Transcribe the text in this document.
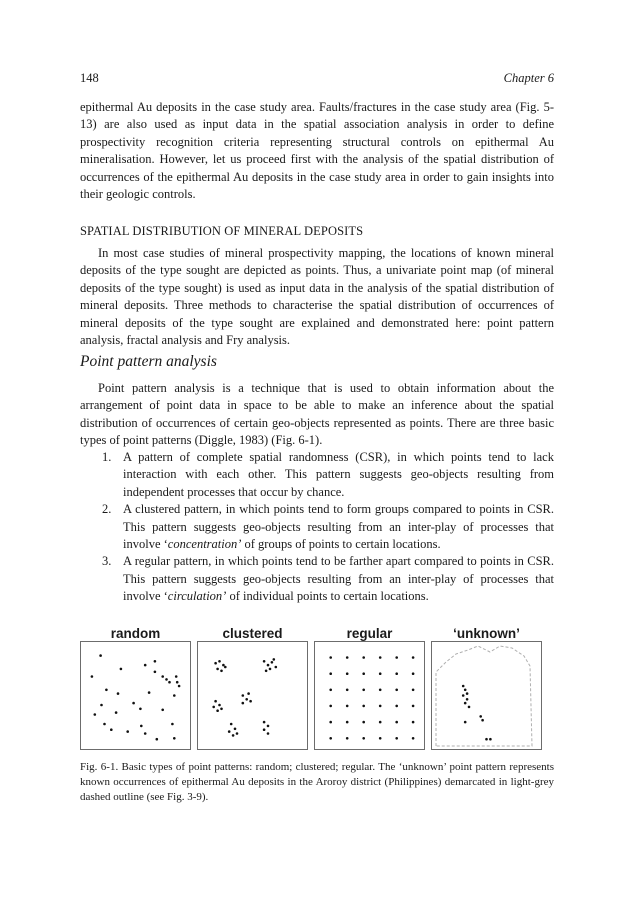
148	Chapter 6
epithermal Au deposits in the case study area. Faults/fractures in the case study area (Fig. 5-13) are also used as input data in the spatial association analysis in order to define prospectivity recognition criteria representing structural controls on epithermal Au mineralisation. However, let us proceed first with the analysis of the spatial distribution of occurrences of the epithermal Au deposits in the case study area in order to gain insights into their geologic controls.
SPATIAL DISTRIBUTION OF MINERAL DEPOSITS
In most case studies of mineral prospectivity mapping, the locations of known mineral deposits of the type sought are depicted as points. Thus, a univariate point map (of mineral deposits of the type sought) is used as input data in the analysis of the spatial distribution of mineral deposits. Three methods to characterise the spatial distribution of occurrences of mineral deposits of the type sought are explained and demonstrated here: point pattern analysis, fractal analysis and Fry analysis.
Point pattern analysis
Point pattern analysis is a technique that is used to obtain information about the arrangement of point data in space to be able to make an inference about the spatial distribution of occurrences of certain geo-objects represented as points. There are three basic types of point patterns (Diggle, 1983) (Fig. 6-1).
1. A pattern of complete spatial randomness (CSR), in which points tend to lack interaction with each other. This pattern suggests geo-objects resulting from independent processes that occur by chance.
2. A clustered pattern, in which points tend to form groups compared to points in CSR. This pattern suggests geo-objects resulting from an inter-play of processes that involve ‘concentration’ of groups of points to certain locations.
3. A regular pattern, in which points tend to be farther apart compared to points in CSR. This pattern suggests geo-objects resulting from an inter-play of processes that involve ‘circulation’ of individual points to certain locations.
random	clustered	regular	‘unknown’
Fig. 6-1. Basic types of point patterns: random; clustered; regular. The ‘unknown’ point pattern represents known occurrences of epithermal Au deposits in the Aroroy district (Philippines) demarcated in light-grey dashed outline (see Fig. 3-9).
